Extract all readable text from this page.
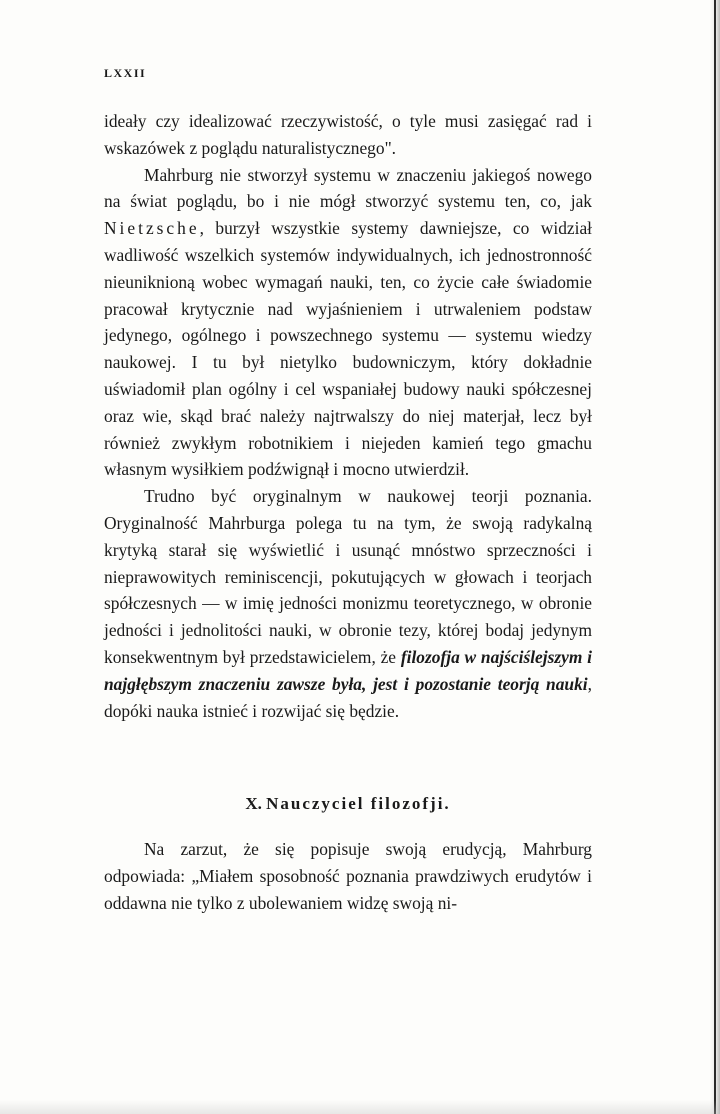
LXXII

ideały czy idealizować rzeczywistość, o tyle musi zasięgać rad i wskazówek z poglądu naturalistycznego".

Mahrburg nie stworzył systemu w znaczeniu jakiegoś nowego na świat poglądu, bo i nie mógł stworzyć systemu ten, co, jak Nietzsche, burzył wszystkie systemy dawniejsze, co widział wadliwość wszelkich systemów indywidualnych, ich jednostronność nieuniknioną wobec wymagań nauki, ten, co życie całe świadomie pracował krytycznie nad wyjaśnieniem i utrwaleniem podstaw jedynego, ogólnego i powszechnego systemu — systemu wiedzy naukowej. I tu był nietylko budowniczym, który dokładnie uświadomił plan ogólny i cel wspaniałej budowy nauki spółczesnej oraz wie, skąd brać należy najtrwalszy do niej materjał, lecz był również zwykłym robotnikiem i niejeden kamień tego gmachu własnym wysiłkiem podźwignął i mocno utwierdził.

Trudno być oryginalnym w naukowej teorji poznania. Oryginalność Mahrburga polega tu na tym, że swoją radykalną krytyką starał się wyświetlić i usunąć mnóstwo sprzeczności i nieprawowitych reminiscencji, pokutujących w głowach i teorjach spółczesnych — w imię jedności monizmu teoretycznego, w obronie jedności i jednolitości nauki, w obronie tezy, której bodaj jedynym konsekwentnym był przedstawicielem, że filozofja w najściślejszym i najgłębszym znaczeniu zawsze była, jest i pozostanie teorją nauki, dopóki nauka istnieć i rozwijać się będzie.

X. Nauczyciel filozofji.

Na zarzut, że się popisuje swoją erudycją, Mahrburg odpowiada: „Miałem sposobność poznania prawdziwych erudytów i oddawna nie tylko z ubolewaniem widzę swoją ni-
